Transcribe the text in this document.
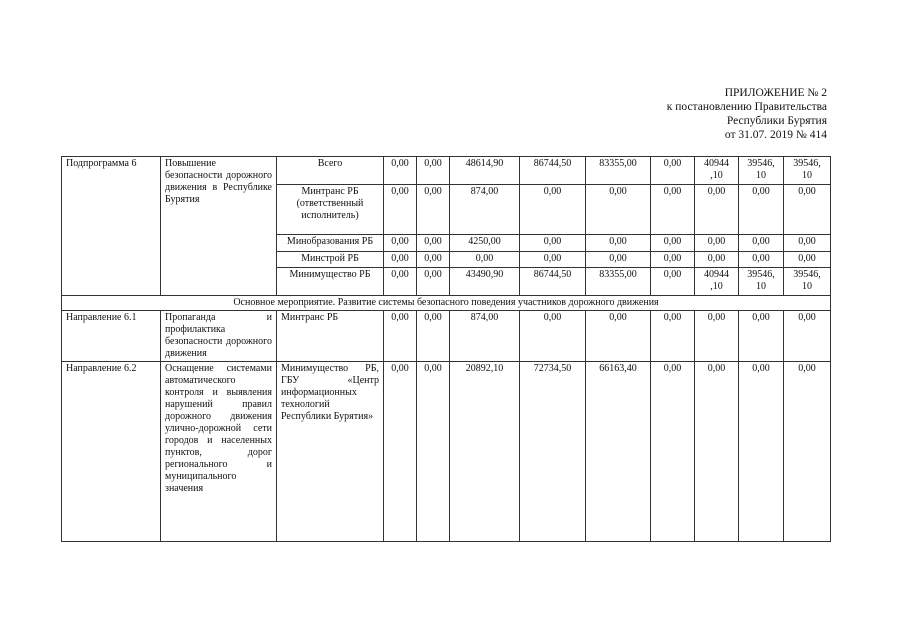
ПРИЛОЖЕНИЕ № 2
к постановлению Правительства
Республики Бурятия
от 31.07. 2019 № 414
Подпрограмма 6	Повышение безопасности дорожного движения в Республике Бурятия	Всего	0,00	0,00	48614,90	86744,50	83355,00	0,00	40944 ,10	39546, 10	39546, 10
		Минтранс РБ (ответственный исполнитель)	0,00	0,00	874,00	0,00	0,00	0,00	0,00	0,00	0,00
		Минобразования РБ	0,00	0,00	4250,00	0,00	0,00	0,00	0,00	0,00	0,00
		Минстрой РБ	0,00	0,00	0,00	0,00	0,00	0,00	0,00	0,00	0,00
		Минимущество РБ	0,00	0,00	43490,90	86744,50	83355,00	0,00	40944 ,10	39546, 10	39546, 10
Основное мероприятие. Развитие системы безопасного поведения участников дорожного движения											
Направление 6.1	Пропаганда и профилактика безопасности дорожного движения	Минтранс РБ	0,00	0,00	874,00	0,00	0,00	0,00	0,00	0,00	0,00
Направление 6.2	Оснащение системами автоматического контроля и выявления нарушений правил дорожного движения улично-дорожной сети городов и населенных пунктов, дорог регионального и муниципального значения	Минимущество РБ, ГБУ «Центр информационных технологий Республики Бурятия»	0,00	0,00	20892,10	72734,50	66163,40	0,00	0,00	0,00	0,00
